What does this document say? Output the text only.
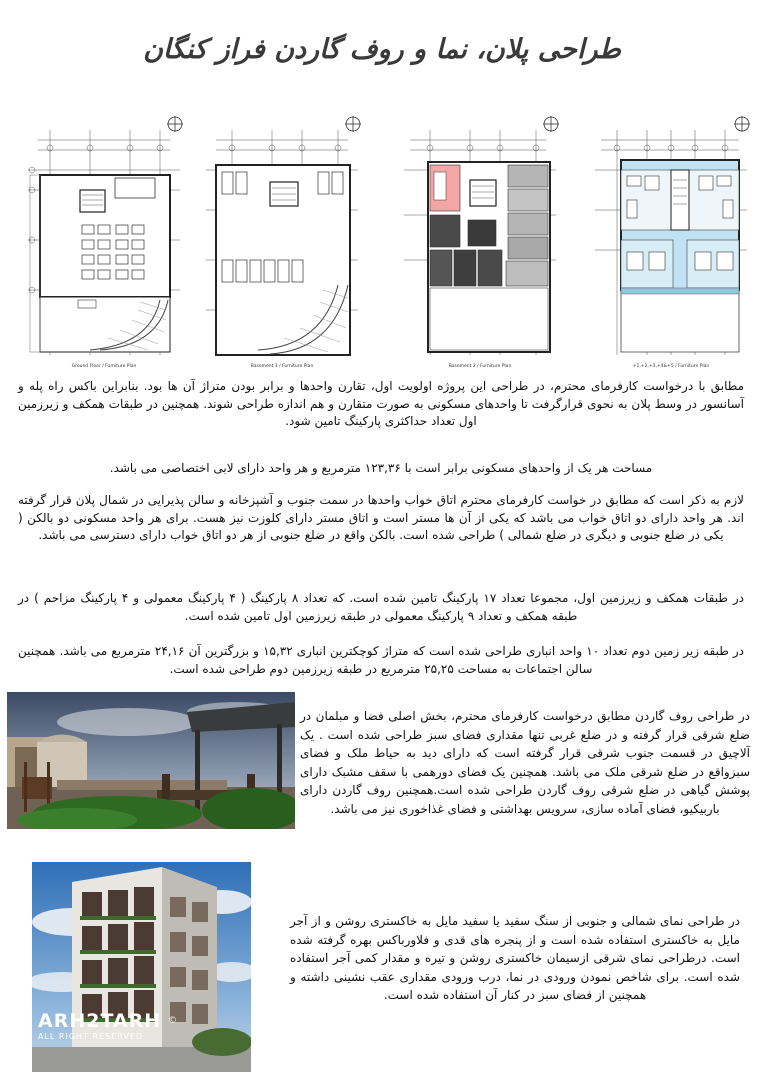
طراحی پلان، نما و روف گاردن فراز کنگان
Ground Floor / Furniture Plan	Basement 1 / Furniture Plan	Basement 2 / Furniture Plan	+1,+2,+3,+4&+5 / Furniture Plan

مطابق با درخواست کارفرمای محترم، در طراحی این پروژه اولویت اول، تقارن واحدها و برابر بودن متراژ آن ها بود. بنابراین باکس راه پله و آسانسور در وسط پلان به نحوی قرارگرفت تا واحدهای مسکونی به صورت متقارن و هم اندازه طراحی شوند. همچنین در طبقات همکف و زیرزمین اول تعداد حداکثری پارکینگ تامین شود.

مساحت هر یک از واحدهای مسکونی برابر است با ۱۲۳,۳۶ مترمربع و هر واحد دارای لابی اختصاصی می باشد.

لازم به ذکر است که مطابق در خواست کارفرمای محترم اتاق خواب واحدها در سمت جنوب و آشپزخانه و سالن پذیرایی در شمال پلان قرار گرفته اند. هر واحد دارای دو اتاق خواب می باشد که یکی از آن ها مستر است و اتاق مستر دارای کلوزت نیز هست. برای هر واحد مسکونی دو بالکن ( یکی در ضلع جنوبی و دیگری در ضلع شمالی ) طراحی شده است. بالکن واقع در ضلع جنوبی از هر دو اتاق خواب دارای دسترسی می باشد.

در طبقات همکف و زیرزمین اول، مجموعا تعداد ۱۷ پارکینگ تامین شده است. که تعداد ۸ پارکینگ ( ۴ پارکینگ معمولی و ۴ پارکینگ مزاحم ) در طبقه همکف و تعداد ۹ پارکینگ معمولی در طبقه زیرزمین اول تامین شده است.

در طبقه زیر زمین دوم تعداد ۱۰ واحد انباری طراحی شده است که متراژ کوچکترین انباری ۱۵,۳۲ و بزرگترین آن ۲۴,۱۶ مترمربع می باشد. همچنین سالن اجتماعات به مساحت ۲۵,۲۵ مترمربع در طبقه زیرزمین دوم طراحی شده است.

در طراحی روف گاردن مطابق درخواست کارفرمای محترم، بخش اصلی فضا و مبلمان در ضلع شرقی قرار گرفته و در ضلع غربی تنها مقداری فضای سبز طراحی شده است . یک آلاچیق در قسمت جنوب شرقی قرار گرفته است که دارای دید به حیاط ملک و فضای سبزواقع در ضلع شرقی ملک می باشد. همچنین یک فضای دورهمی با سقف مشبک دارای پوشش گیاهی در ضلع شرقی روف گاردن طراحی شده است.همچنین روف گاردن دارای باربیکیو، فضای آماده سازی، سرویس بهداشتی و فضای غذاخوری نیز می باشد.

ARH2TARH
ALL RIGHT RESERVED
©

در طراحی نمای شمالی و جنوبی از سنگ سفید یا سفید مایل به خاکستری روشن و از آجر مایل به خاکستری استفاده شده است و از پنجره های قدی و فلاورباکس بهره گرفته شده است. درطراحی نمای شرقی ازسیمان خاکستری روشن و تیره و مقدار کمی آجر استفاده شده است. برای شاخص نمودن ورودی در نما، درب ورودی مقداری عقب نشینی داشته و همچنین از فضای سبز در کنار آن استفاده شده است.
